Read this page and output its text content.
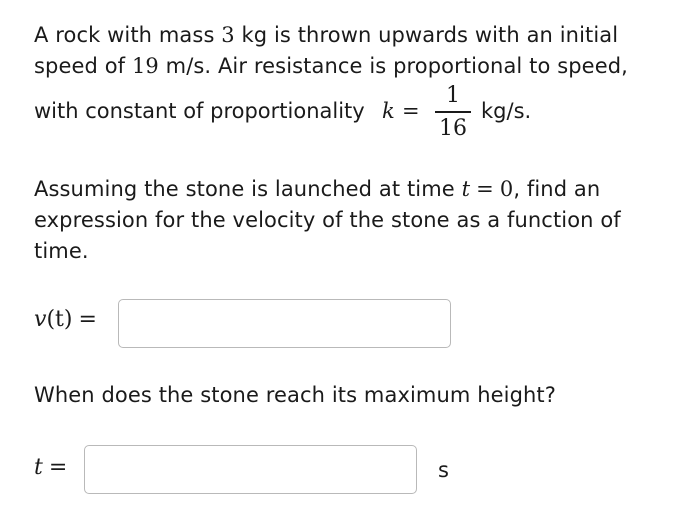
A rock with mass 3 kg is thrown upwards with an initial
speed of 19 m/s. Air resistance is proportional to speed,
with constant of proportionality k =
1
16
kg/s.
Assuming the stone is launched at time t = 0, find an expression for the velocity of the stone as a function of time.
v(t) =
When does the stone reach its maximum height?
t =	s
